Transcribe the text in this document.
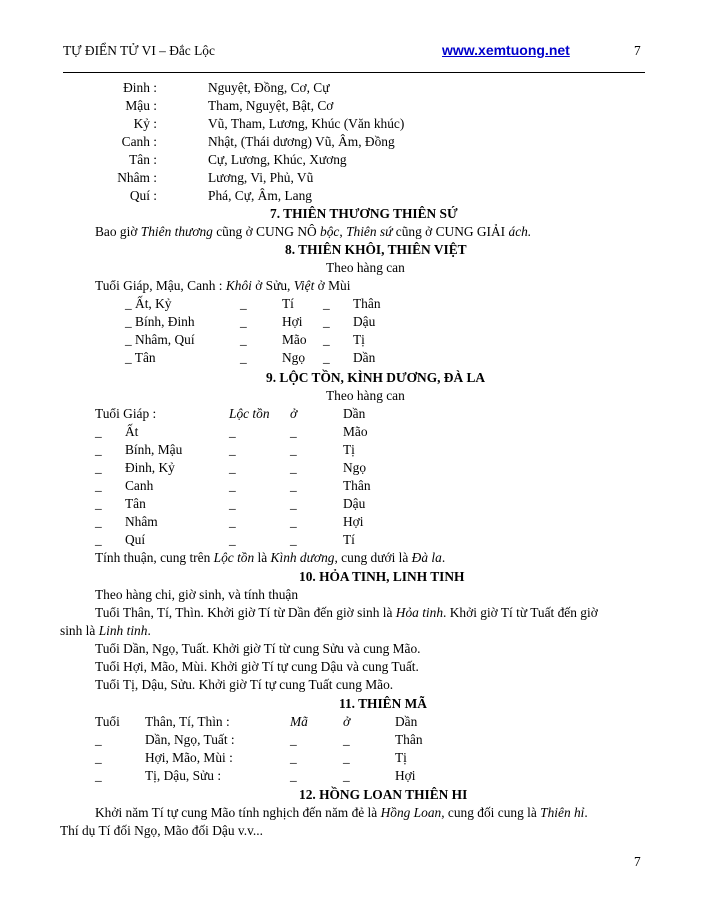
TỰ ĐIỂN TỬ VI – Đắc Lộc	www.xemtuong.net	7
Đinh :	Nguyệt, Đồng, Cơ, Cự
Mậu :	Tham, Nguyệt, Bật, Cơ
Kỷ :	Vũ, Tham, Lương, Khúc (Văn khúc)
Canh :	Nhật, (Thái dương) Vũ, Âm, Đồng
Tân :	Cự, Lương, Khúc, Xương
Nhâm :	Lương, Vi, Phủ, Vũ
Quí :	Phá, Cự, Âm, Lang
7. THIÊN THƯƠNG THIÊN SỨ
Bao giờ Thiên thương cũng ở CUNG NÔ bộc, Thiên sứ cũng ở CUNG GIẢI ách.
8. THIÊN KHÔI, THIÊN VIỆT
Theo hàng can
Tuổi Giáp, Mậu, Canh : Khôi ở Sửu, Việt ở Mùi
_ Ất, Kỷ	_	Tí _ Thân
_ Bính, Đinh	_	Hợi _ Dậu
_ Nhâm, Quí	_	Mão _ Tị
_ Tân	_	Ngọ _ Dần
9. LỘC TỒN, KÌNH DƯƠNG, ĐÀ LA
Theo hàng can
Tuổi Giáp :	Lộc tồn ở	Dần
_ Ất	_	_	Mão
_ Bính, Mậu	_	_	Tị
_ Đinh, Kỷ	_	_	Ngọ
_ Canh	_	_	Thân
_ Tân	_	_	Dậu
_ Nhâm	_	_	Hợi
_ Quí	_	_	Tí
Tính thuận, cung trên Lộc tồn là Kình dương, cung dưới là Đà la.
10. HỎA TINH, LINH TINH
Theo hàng chi, giờ sinh, và tính thuận
Tuổi Thân, Tí, Thìn. Khởi giờ Tí từ Dần đến giờ sinh là Hỏa tinh. Khởi giờ Tí từ Tuất đến giờ
sinh là Linh tinh.
Tuổi Dần, Ngọ, Tuất. Khởi giờ Tí từ cung Sửu và cung Mão.
Tuổi Hợi, Mão, Mùi. Khởi giờ Tí tự cung Dậu và cung Tuất.
Tuổi Tị, Dậu, Sửu. Khởi giờ Tí tự cung Tuất cung Mão.
11. THIÊN MÃ
Tuổi Thân, Tí, Thìn :	Mã	ở	Dần
_	Dần, Ngọ, Tuất :	_	_	Thân
_	Hợi, Mão, Mùi :	_	_	Tị
_	Tị, Dậu, Sửu :	_	_	Hợi
12. HỒNG LOAN THIÊN HI
Khởi năm Tí tự cung Mão tính nghịch đến năm đẻ là Hồng Loan, cung đối cung là Thiên hỉ.
Thí dụ Tí đối Ngọ, Mão đối Dậu v.v...
7
